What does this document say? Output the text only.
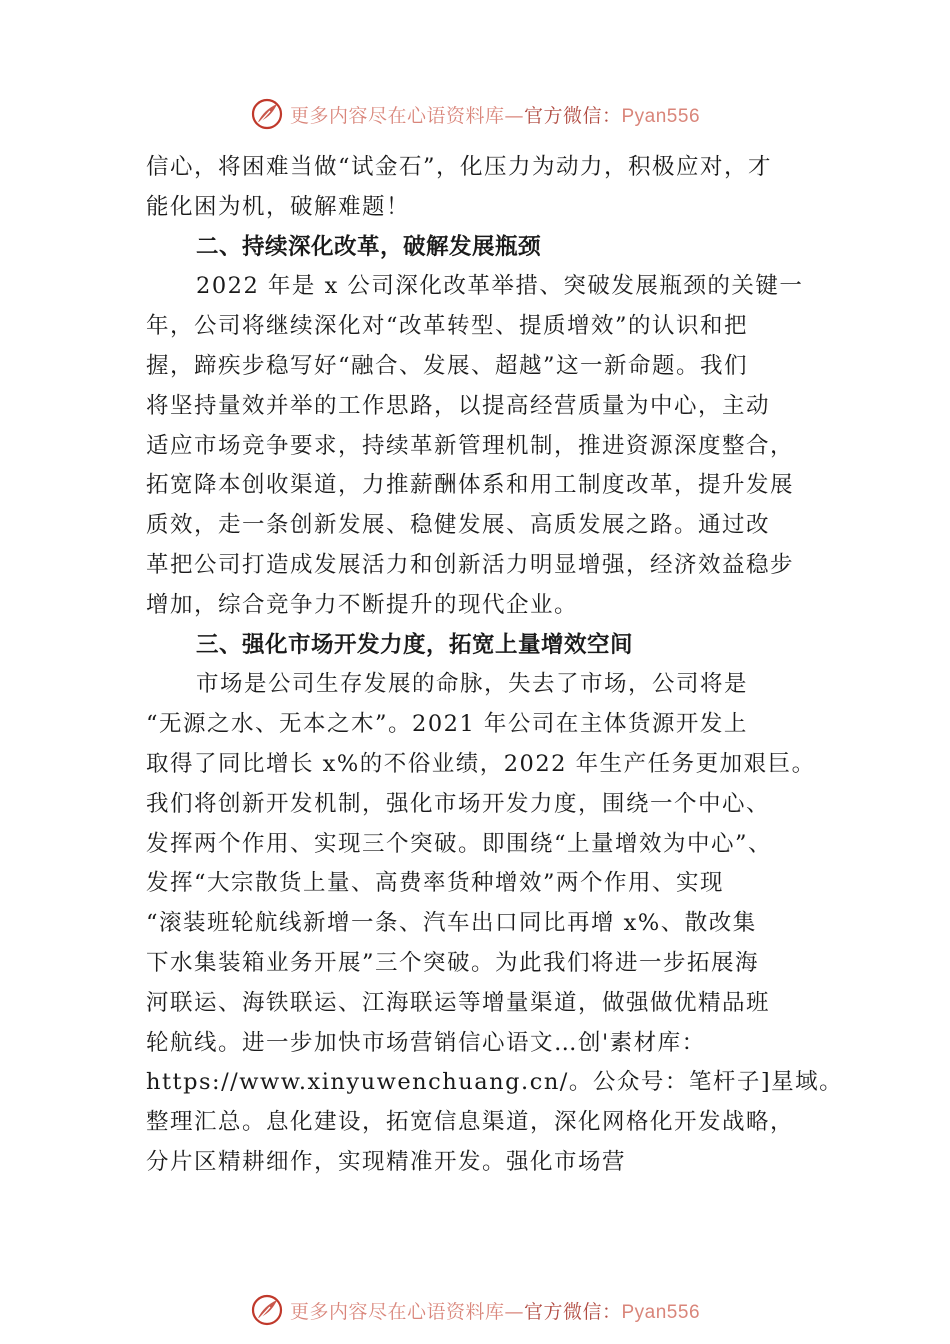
更多内容尽在心语资料库—官方微信：Pyan556
信心，将困难当做“试金石”，化压力为动力，积极应对，才
能化困为机，破解难题！
二、持续深化改革，破解发展瓶颈
2022 年是 x 公司深化改革举措、突破发展瓶颈的关键一
年，公司将继续深化对“改革转型、提质增效”的认识和把
握，蹄疾步稳写好“融合、发展、超越”这一新命题。我们
将坚持量效并举的工作思路，以提高经营质量为中心，主动
适应市场竞争要求，持续革新管理机制，推进资源深度整合，
拓宽降本创收渠道，力推薪酬体系和用工制度改革，提升发展
质效，走一条创新发展、稳健发展、高质发展之路。通过改
革把公司打造成发展活力和创新活力明显增强，经济效益稳步
增加，综合竞争力不断提升的现代企业。
三、强化市场开发力度，拓宽上量增效空间
市场是公司生存发展的命脉，失去了市场，公司将是
“无源之水、无本之木”。2021 年公司在主体货源开发上
取得了同比增长 x%的不俗业绩，2022 年生产任务更加艰巨。
我们将创新开发机制，强化市场开发力度，围绕一个中心、
发挥两个作用、实现三个突破。即围绕“上量增效为中心”、
发挥“大宗散货上量、高费率货种增效”两个作用、实现
“滚装班轮航线新增一条、汽车出口同比再增 x%、散改集
下水集装箱业务开展”三个突破。为此我们将进一步拓展海
河联运、海铁联运、江海联运等增量渠道，做强做优精品班
轮航线。进一步加快市场营销信心语文…创'素材库：
https://www.xinyuwenchuang.cn/。公众号：笔杆子]星域。
整理汇总。息化建设，拓宽信息渠道，深化网格化开发战略，
分片区精耕细作，实现精准开发。强化市场营
更多内容尽在心语资料库—官方微信：Pyan556
